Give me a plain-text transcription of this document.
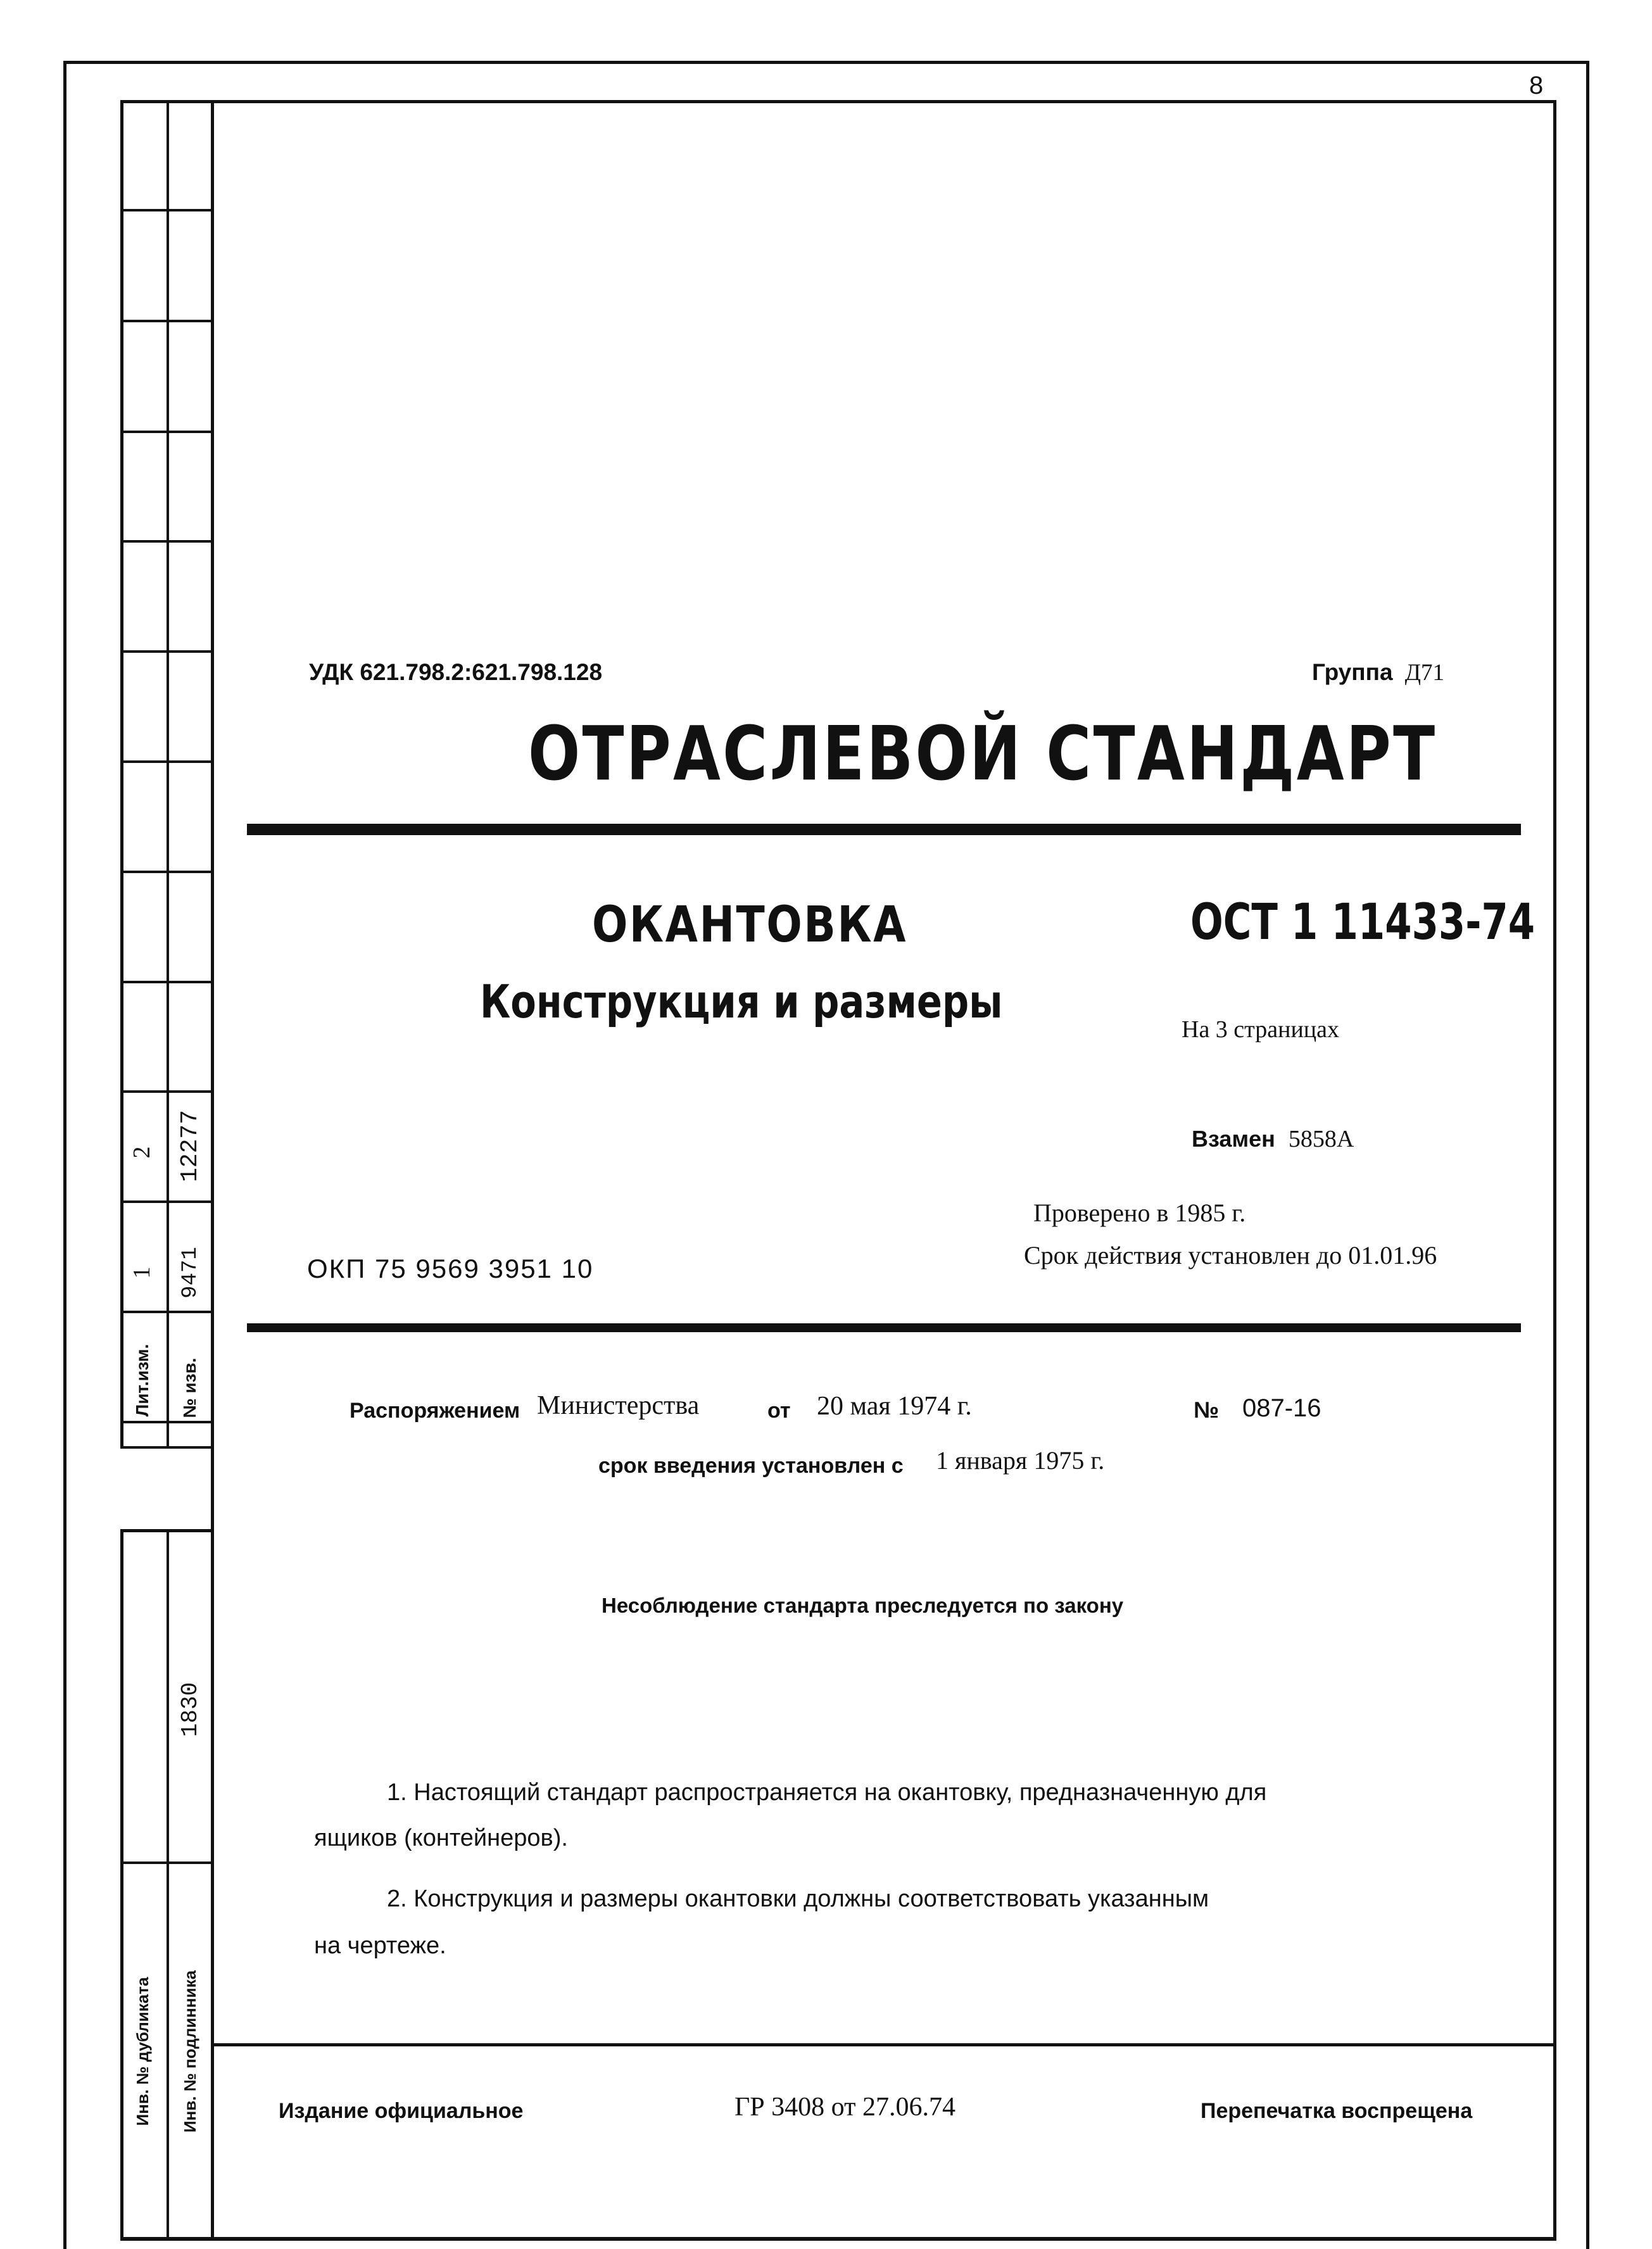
2 12277
1 9471
Лит.изм. № изв.
1830
Инв. № дубликата Инв. № подлинника
8
УДК 621.798.2:621.798.128	Группа Д71
ОТРАСЛЕВОЙ СТАНДАРТ
ОКАНТОВКА
Конструкция и размеры
ОСТ 1 11433-74
На 3 страницах
Взамен 5858А
Проверено в 1985 г.
Срок действия установлен до 01.01.96
ОКП 75 9569 3951 10
Распоряжением Министерства	от 20 мая 1974 г.	№ 087-16
срок введения установлен с 1 января 1975 г.
Несоблюдение стандарта преследуется по закону
1. Настоящий стандарт распространяется на окантовку, предназначенную для
ящиков (контейнеров).
2. Конструкция и размеры окантовки должны соответствовать указанным
на чертеже.
Издание официальное	ГР 3408 от 27.06.74	Перепечатка воспрещена
